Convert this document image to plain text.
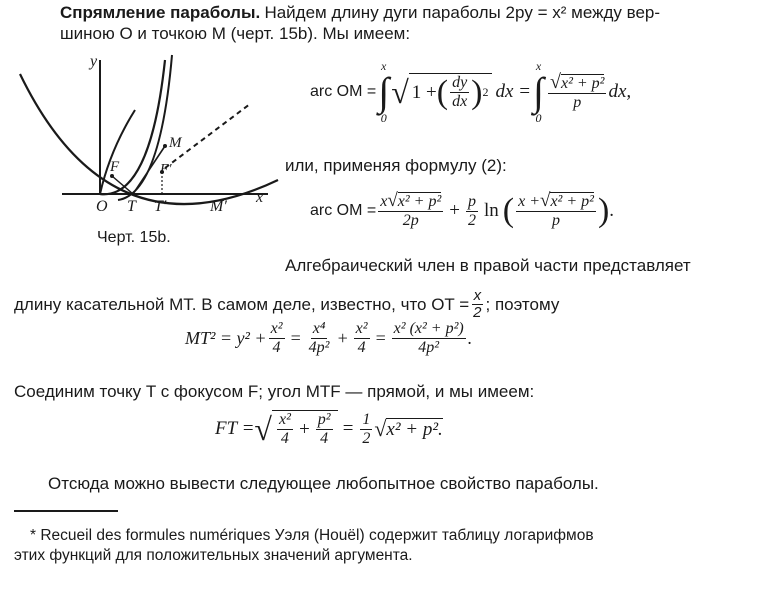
Спрямление параболы. Найдем длину дуги параболы 2py = x² между вер-
шиною O и точкою M (черт. 15b). Мы имеем:
y
x
O T T′	M′
F	F′
M
Черт. 15b.
arc OM =
x
∫
0
√ 1 + ( $\frac{dy}{dx}$ ) 2 dx =
x
∫
0
$\frac{\text{√x² + p²}}{p}$ dx,
или, применяя формулу (2):
arc OM = $\frac{\text{x√x² + p²}}{2p} + \frac{p}{2}$ ln ( $\frac{\text{x +√x² + p²}}{p}$ ) .
Алгебраический член в правой части представляет
длину касательной MT. В самом деле, известно, что OT = $\frac{x}{2}$ ; поэтому
$MT^2 = y^2 + \frac{\text{x²}}{4} = \frac{\text{x⁴}}{\text{4p²}} + \frac{\text{x²}}{4} = \frac{\text{x² (x² + p²)}}{\text{4p²}}$ .
Соединим точку T с фокусом F; угол MTF — прямой, и мы имеем:
FT = √ $\frac{\text{x²}}{4} + \frac{\text{p²}}{4} = \frac{1}{2}$ √ x² + p².
Отсюда можно вывести следующее любопытное свойство параболы.
* Recueil des formules numériques Уэля (Houël) содержит таблицу логарифмов
этих функций для положительных значений аргумента.
